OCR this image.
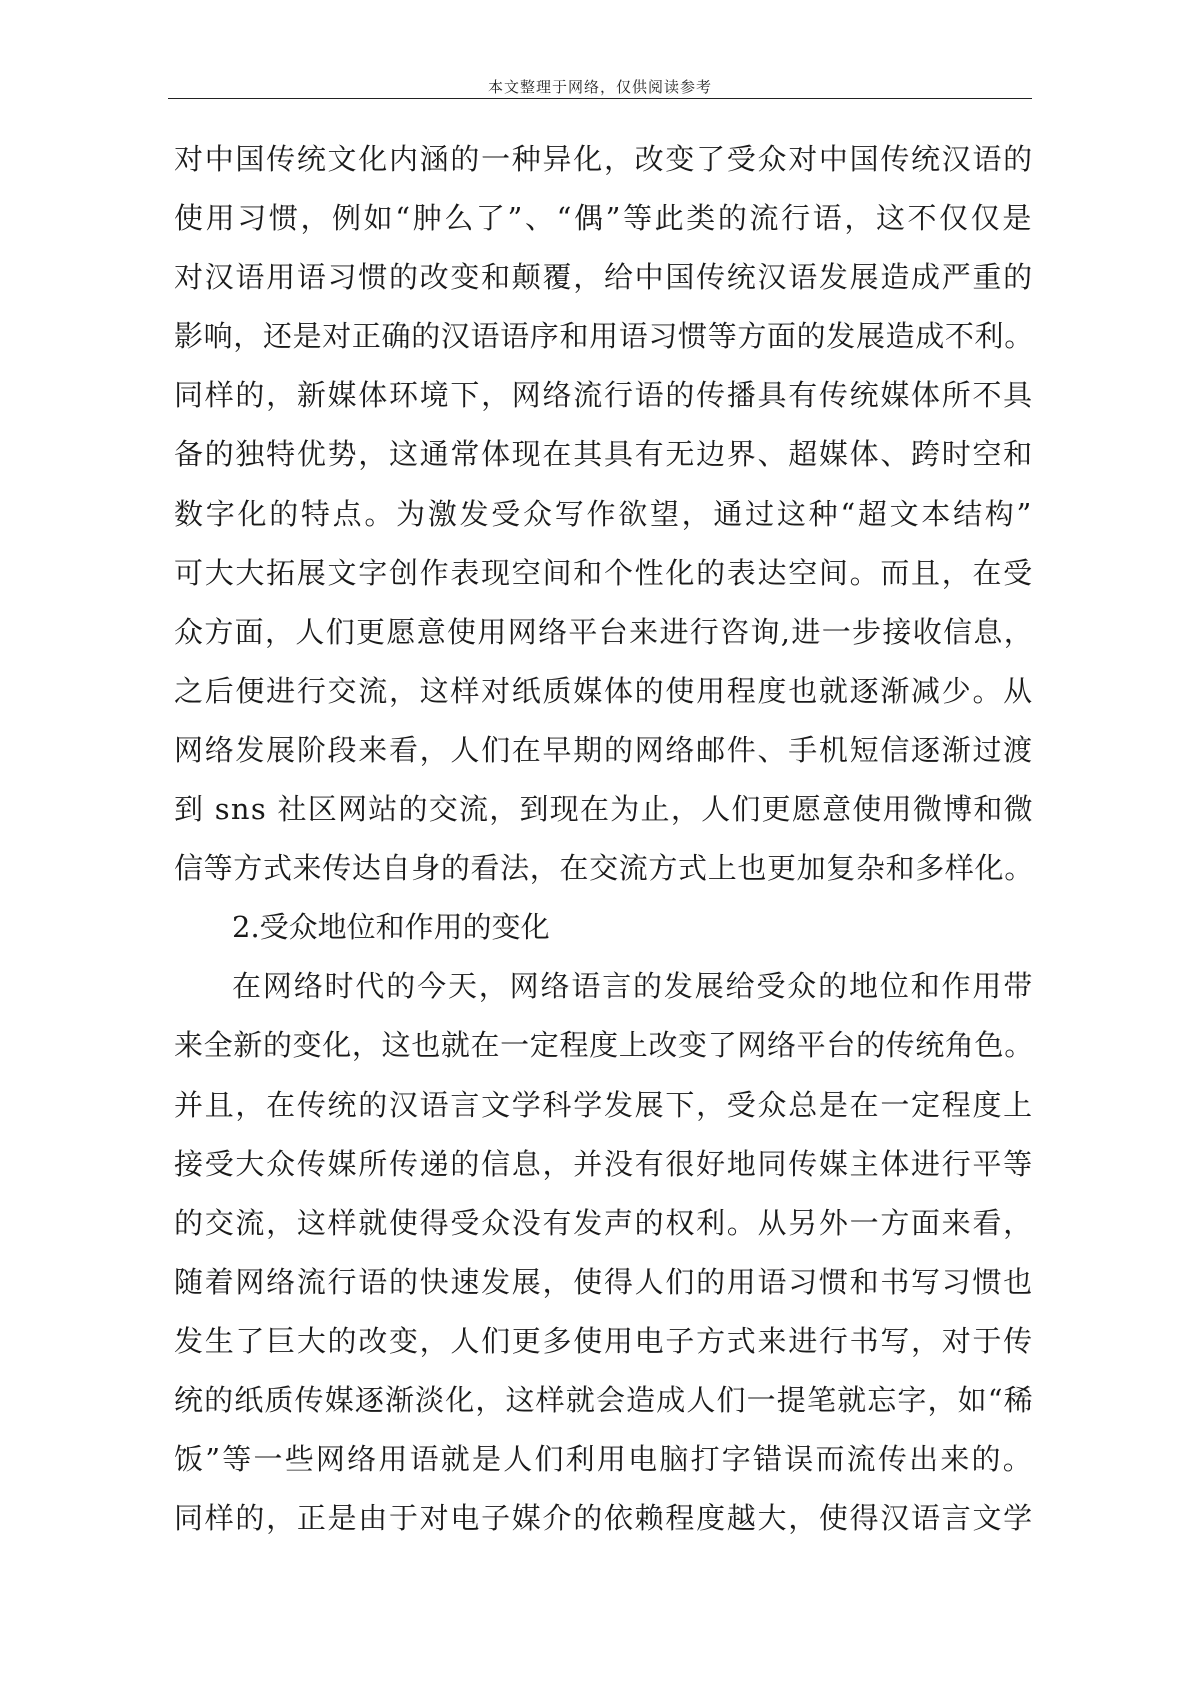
本文整理于网络，仅供阅读参考
对中国传统文化内涵的一种异化，改变了受众对中国传统汉语的
使用习惯，例如“肿么了”、“偶”等此类的流行语，这不仅仅是
对汉语用语习惯的改变和颠覆，给中国传统汉语发展造成严重的
影响，还是对正确的汉语语序和用语习惯等方面的发展造成不利。
同样的，新媒体环境下，网络流行语的传播具有传统媒体所不具
备的独特优势，这通常体现在其具有无边界、超媒体、跨时空和
数字化的特点。为激发受众写作欲望，通过这种“超文本结构”
可大大拓展文字创作表现空间和个性化的表达空间。而且，在受
众方面，人们更愿意使用网络平台来进行咨询,进一步接收信息，
之后便进行交流，这样对纸质媒体的使用程度也就逐渐减少。从
网络发展阶段来看，人们在早期的网络邮件、手机短信逐渐过渡
到 sns 社区网站的交流，到现在为止，人们更愿意使用微博和微
信等方式来传达自身的看法，在交流方式上也更加复杂和多样化。
2.受众地位和作用的变化
在网络时代的今天，网络语言的发展给受众的地位和作用带
来全新的变化，这也就在一定程度上改变了网络平台的传统角色。
并且，在传统的汉语言文学科学发展下，受众总是在一定程度上
接受大众传媒所传递的信息，并没有很好地同传媒主体进行平等
的交流，这样就使得受众没有发声的权利。从另外一方面来看，
随着网络流行语的快速发展，使得人们的用语习惯和书写习惯也
发生了巨大的改变，人们更多使用电子方式来进行书写，对于传
统的纸质传媒逐渐淡化，这样就会造成人们一提笔就忘字，如“稀
饭”等一些网络用语就是人们利用电脑打字错误而流传出来的。
同样的，正是由于对电子媒介的依赖程度越大，使得汉语言文学
